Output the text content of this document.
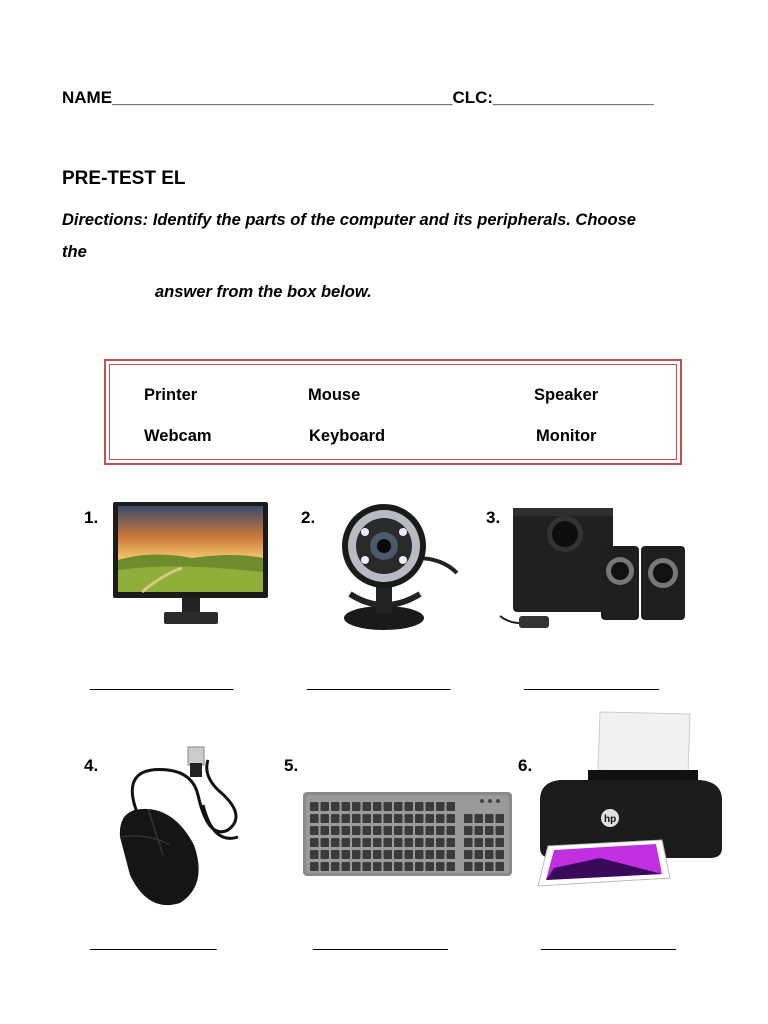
NAME____________________________________CLC:_________________
PRE-TEST EL
Directions: Identify the parts of the computer and its peripherals. Choose
the
answer from the box below.
Printer	Mouse	Speaker
Webcam	Keyboard	Monitor
1.	2.	3.
4.	5.	6.
_________________	_________________	________________
_______________	________________	________________
hp
